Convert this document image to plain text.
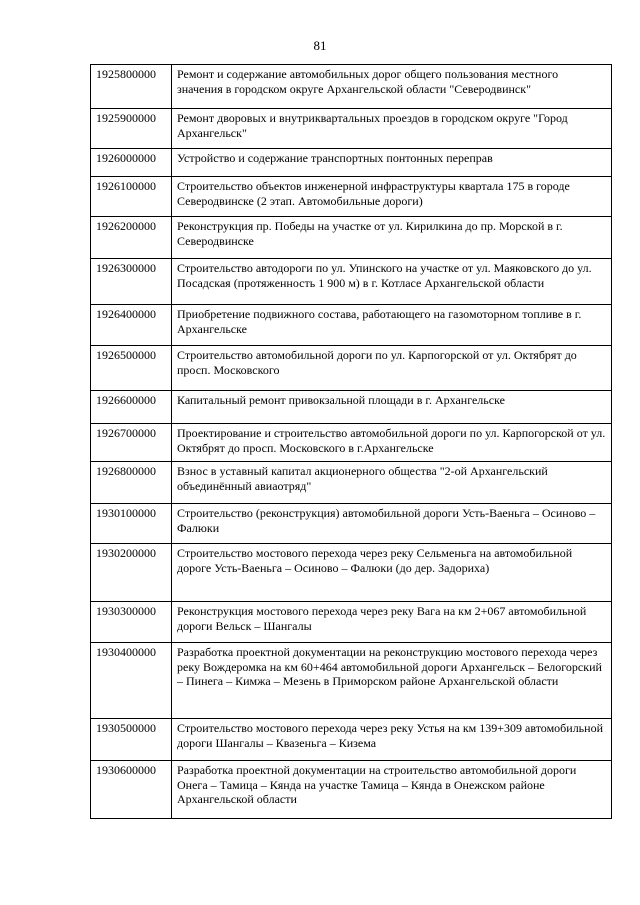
81
1925800000	Ремонт и содержание автомобильных дорог общего пользования местного значения в городском округе Архангельской области "Северодвинск"
1925900000	Ремонт дворовых и внутриквартальных проездов в городском округе "Город Архангельск"
1926000000	Устройство и содержание транспортных понтонных переправ
1926100000	Строительство объектов инженерной инфраструктуры квартала 175 в городе Северодвинске (2 этап. Автомобильные дороги)
1926200000	Реконструкция пр. Победы на участке от ул. Кирилкина до пр. Морской в г. Северодвинске
1926300000	Строительство автодороги по ул. Упинского на участке от ул. Маяковского до ул. Посадская (протяженность 1 900 м) в г. Котласе Архангельской области
1926400000	Приобретение подвижного состава, работающего на газомоторном топливе в г. Архангельске
1926500000	Строительство автомобильной дороги по ул. Карпогорской от ул. Октябрят до просп. Московского
1926600000	Капитальный ремонт привокзальной площади в г. Архангельске
1926700000	Проектирование и строительство автомобильной дороги по ул. Карпогорской от ул. Октябрят до просп. Московского в г.Архангельске
1926800000	Взнос в уставный капитал акционерного общества "2-ой Архангельский объединённый авиаотряд"
1930100000	Строительство (реконструкция) автомобильной дороги Усть-Ваеньга – Осиново – Фалюки
1930200000	Строительство мостового перехода через реку Сельменьга на автомобильной дороге Усть-Ваеньга – Осиново – Фалюки (до дер. Задориха)
1930300000	Реконструкция мостового перехода через реку Вага на км 2+067 автомобильной дороги Вельск – Шангалы
1930400000	Разработка проектной документации на реконструкцию мостового перехода через реку Вождеромка на км 60+464 автомобильной дороги Архангельск – Белогорский – Пинега – Кимжа – Мезень в Приморском районе Архангельской области
1930500000	Строительство мостового перехода через реку Устья на км 139+309 автомобильной дороги Шангалы – Квазеньга – Кизема
1930600000	Разработка проектной документации на строительство автомобильной дороги Онега – Тамица – Кянда на участке Тамица – Кянда в Онежском районе Архангельской области
